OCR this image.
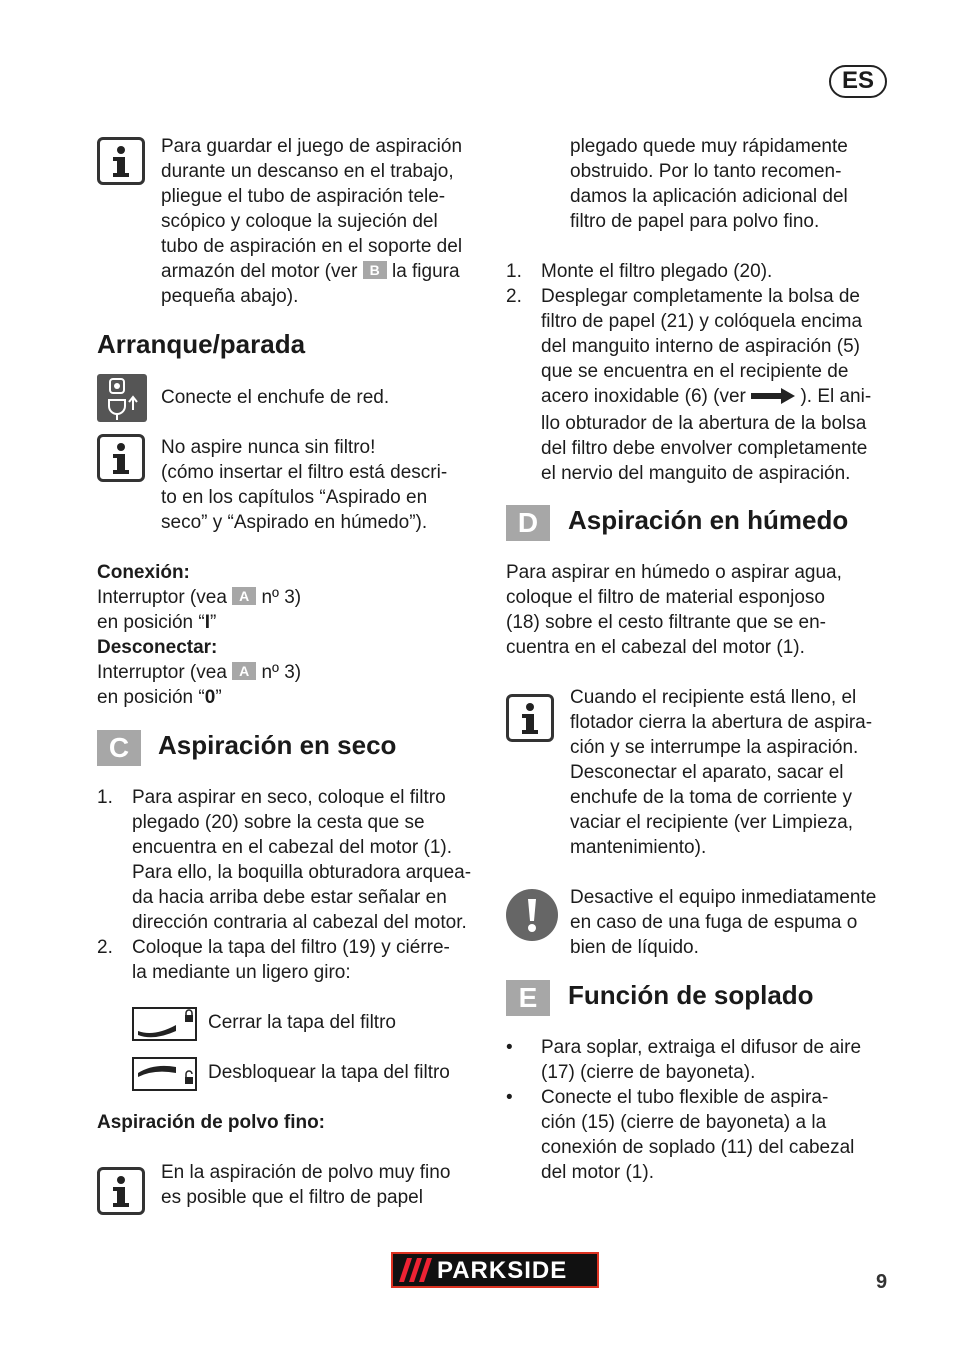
ES
Para guardar el juego de aspiración
durante un descanso en el trabajo,
pliegue el tubo de aspiración tele-
scópico y coloque la sujeción del
tubo de aspiración en el soporte del
armazón del motor (ver B la figura
pequeña abajo).
Arranque/parada
Conecte el enchufe de red.
No aspire nunca sin filtro!
(cómo insertar el filtro está descri-
to en los capítulos “Aspirado en
seco” y “Aspirado en húmedo”).
Conexión:
Interruptor (vea A nº 3)
en posición “I”
Desconectar:
Interruptor (vea A nº 3)
en posición “0”
C	Aspiración en seco
1. Para aspirar en seco, coloque el filtro
plegado (20) sobre la cesta que se
encuentra en el cabezal del motor (1).
Para ello, la boquilla obturadora arquea-
da hacia arriba debe estar señalar en
dirección contraria al cabezal del motor.
2. Coloque la tapa del filtro (19) y ciérre-
la mediante un ligero giro:
Cerrar la tapa del filtro
Desbloquear la tapa del filtro
Aspiración de polvo fino:
En la aspiración de polvo muy fino
es posible que el filtro de papel
plegado quede muy rápidamente
obstruido. Por lo tanto recomen-
damos la aplicación adicional del
filtro de papel para polvo fino.
1. Monte el filtro plegado (20).
2. Desplegar completamente la bolsa de
filtro de papel (21) y colóquela encima
del manguito interno de aspiración (5)
que se encuentra en el recipiente de
acero inoxidable (6) (ver	). El ani-
llo obturador de la abertura de la bolsa
del filtro debe envolver completamente
el nervio del manguito de aspiración.
D	Aspiración en húmedo
Para aspirar en húmedo o aspirar agua,
coloque el filtro de material esponjoso
(18) sobre el cesto filtrante que se en-
cuentra en el cabezal del motor (1).
Cuando el recipiente está lleno, el
flotador cierra la abertura de aspira-
ción y se interrumpe la aspiración.
Desconectar el aparato, sacar el
enchufe de la toma de corriente y
vaciar el recipiente (ver Limpieza,
mantenimiento).
Desactive el equipo inmediatamente
en caso de una fuga de espuma o
bien de líquido.
E	Función de soplado
• Para soplar, extraiga el difusor de aire
(17) (cierre de bayoneta).
• Conecte el tubo flexible de aspira-
ción (15) (cierre de bayoneta) a la
conexión de soplado (11) del cabezal
del motor (1).
PARKSIDE	9
